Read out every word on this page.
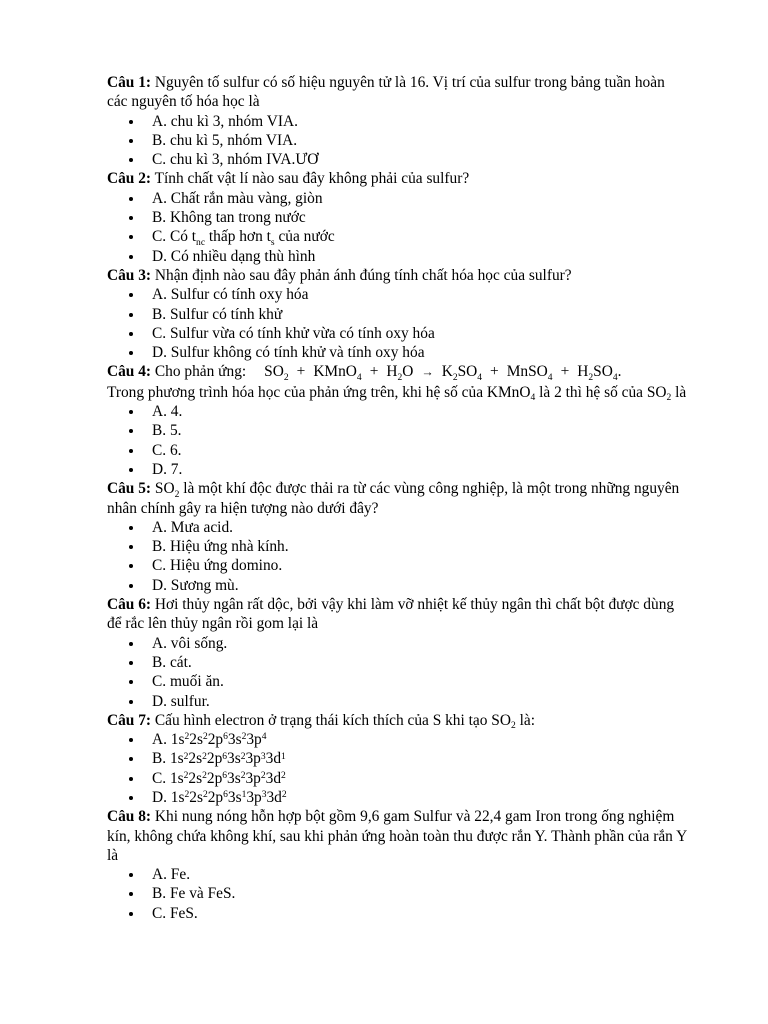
Câu 1: Nguyên tố sulfur có số hiệu nguyên tử là 16. Vị trí của sulfur trong bảng tuần hoàn các nguyên tố hóa học là
A. chu kì 3, nhóm VIA.
B. chu kì 5, nhóm VIA.
C. chu kì 3, nhóm IVA.ƯƠ
Câu 2: Tính chất vật lí nào sau đây không phải của sulfur?
A. Chất rắn màu vàng, giòn
B. Không tan trong nước
C. Có $t_{nc}$ thấp hơn $t_s$ của nước
D. Có nhiều dạng thù hình
Câu 3: Nhận định nào sau đây phản ánh đúng tính chất hóa học của sulfur?
A. Sulfur có tính oxy hóa
B. Sulfur có tính khử
C. Sulfur vừa có tính khử vừa có tính oxy hóa
D. Sulfur không có tính khử và tính oxy hóa
Câu 4: Cho phản ứng: $SO_2$ + KMnO$_4$ + $H_2O \to K_2SO_4$ + MnSO$_4$ + $H_2SO_4$.
Trong phương trình hóa học của phản ứng trên, khi hệ số của KMnO$_4$ là 2 thì hệ số của $SO_2$ là
A. 4.
B. 5.
C. 6.
D. 7.
Câu 5: $SO_2$ là một khí độc được thải ra từ các vùng công nghiệp, là một trong những nguyên nhân chính gây ra hiện tượng nào dưới đây?
A. Mưa acid.
B. Hiệu ứng nhà kính.
C. Hiệu ứng domino.
D. Sương mù.
Câu 6: Hơi thủy ngân rất dộc, bởi vậy khi làm vỡ nhiệt kế thủy ngân thì chất bột được dùng để rắc lên thủy ngân rồi gom lại là
A. vôi sống.
B. cát.
C. muối ăn.
D. sulfur.
Câu 7: Cấu hình electron ở trạng thái kích thích của S khi tạo $SO_2$ là:
A. $1s^22s^22p^63s^23p^4$
B. $1s^22s^22p^63s^23p^33d^1$
C. $1s^22s^22p^63s^23p^23d^2$
D. $1s^22s^22p^63s^13p^33d^2$
Câu 8: Khi nung nóng hỗn hợp bột gồm 9,6 gam Sulfur và 22,4 gam Iron trong ống nghiệm kín, không chứa không khí, sau khi phản ứng hoàn toàn thu được rắn Y. Thành phần của rắn Y là
A. Fe.
B. Fe và FeS.
C. FeS.
